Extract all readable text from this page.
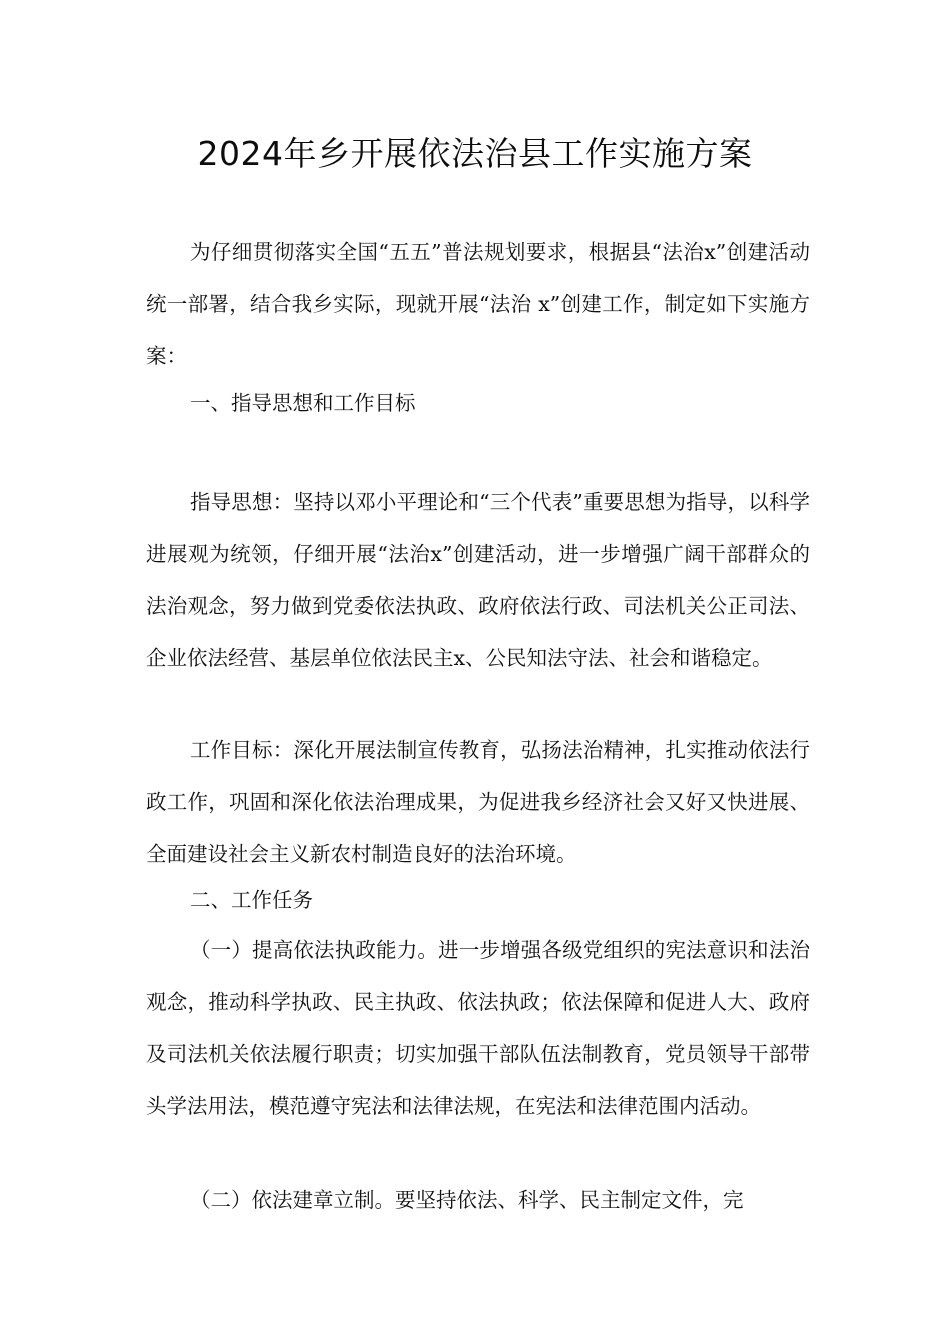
2024年乡开展依法治县工作实施方案

为仔细贯彻落实全国“五五”普法规划要求，根据县“法治x”创建活动统一部署，结合我乡实际，现就开展“法治 x”创建工作，制定如下实施方案：

一、指导思想和工作目标

指导思想：坚持以邓小平理论和“三个代表”重要思想为指导，以科学进展观为统领，仔细开展“法治x”创建活动，进一步增强广阔干部群众的法治观念，努力做到党委依法执政、政府依法行政、司法机关公正司法、企业依法经营、基层单位依法民主x、公民知法守法、社会和谐稳定。

工作目标：深化开展法制宣传教育，弘扬法治精神，扎实推动依法行政工作，巩固和深化依法治理成果，为促进我乡经济社会又好又快进展、全面建设社会主义新农村制造良好的法治环境。

二、工作任务

（一）提高依法执政能力。进一步增强各级党组织的宪法意识和法治观念，推动科学执政、民主执政、依法执政；依法保障和促进人大、政府及司法机关依法履行职责；切实加强干部队伍法制教育，党员领导干部带头学法用法，模范遵守宪法和法律法规，在宪法和法律范围内活动。

（二）依法建章立制。要坚持依法、科学、民主制定文件，完
